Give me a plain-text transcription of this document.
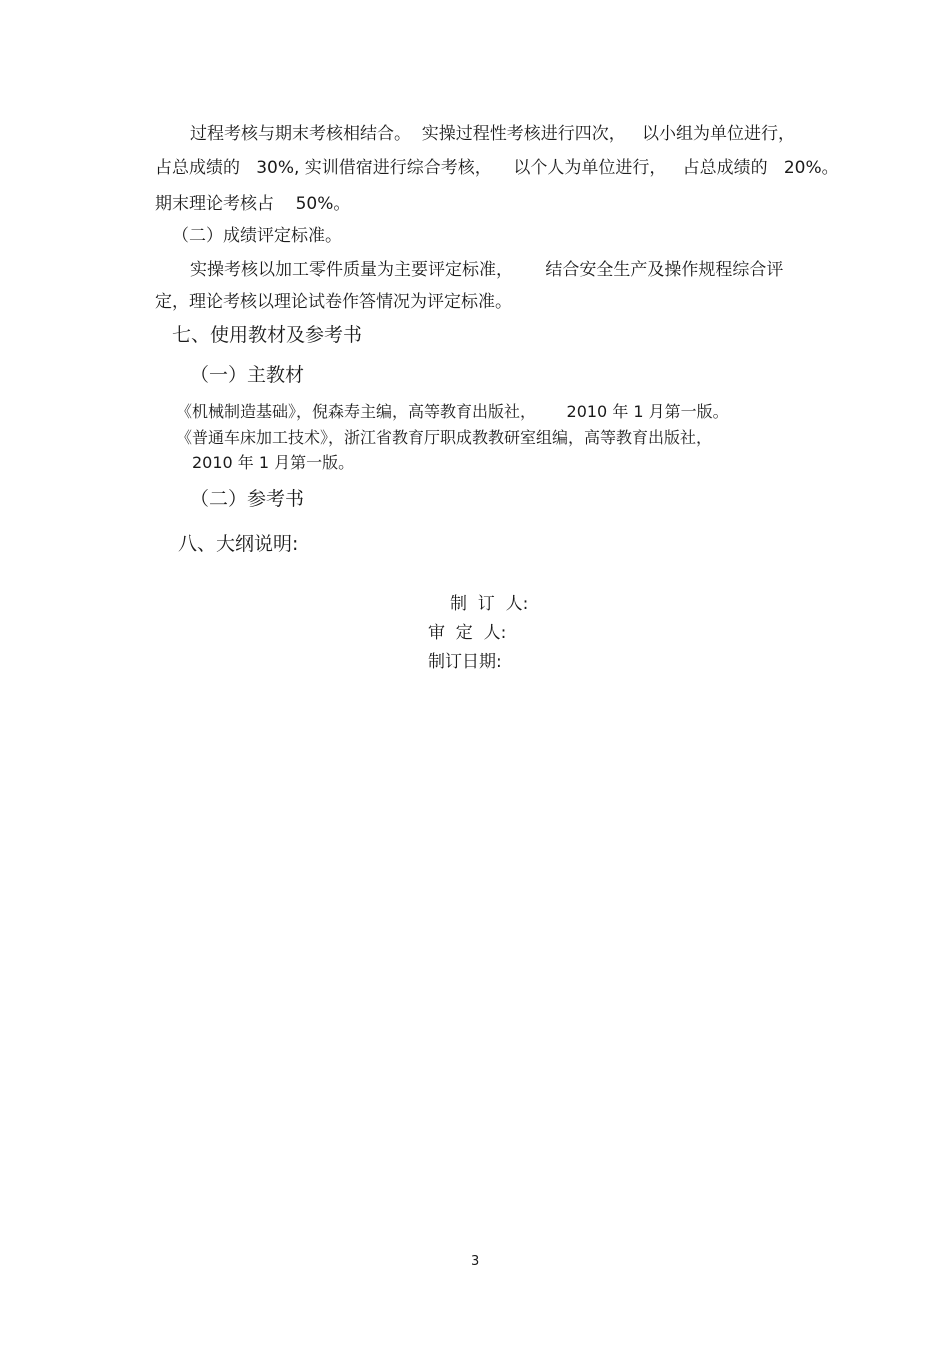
过程考核与期末考核相结合。  实操过程性考核进行四次，   以小组为单位进行，
占总成绩的   30%, 实训借宿进行综合考核，    以个人为单位进行，   占总成绩的   20%。
期末理论考核占    50%。
（二）成绩评定标准。
实操考核以加工零件质量为主要评定标准，      结合安全生产及操作规程综合评
定，理论考核以理论试卷作答情况为评定标准。
七、使用教材及参考书
（一）主教材
《机械制造基础》，倪森寿主编，高等教育出版社，      2010 年 1 月第一版。
《普通车床加工技术》，浙江省教育厅职成教教研室组编，高等教育出版社，
2010 年 1 月第一版。
（二）参考书
八、大纲说明:
制  订  人:
审  定  人:
制订日期:
3
